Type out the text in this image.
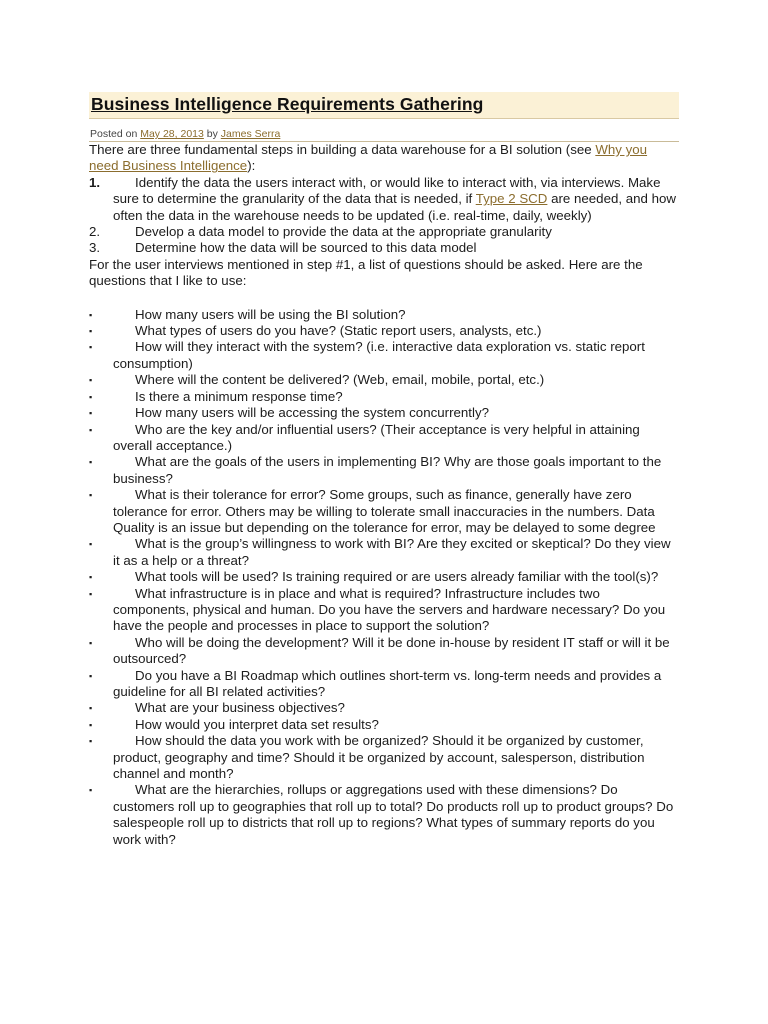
Business Intelligence Requirements Gathering
Posted on May 28, 2013 by James Serra

There are three fundamental steps in building a data warehouse for a BI solution (see Why you need Business Intelligence):

1.	Identify the data the users interact with, or would like to interact with, via interviews. Make sure to determine the granularity of the data that is needed, if Type 2 SCD are needed, and how often the data in the warehouse needs to be updated (i.e. real-time, daily, weekly)
2.	Develop a data model to provide the data at the appropriate granularity
3.	Determine how the data will be sourced to this data model

For the user interviews mentioned in step #1, a list of questions should be asked. Here are the questions that I like to use:

▪	How many users will be using the BI solution?
▪	What types of users do you have? (Static report users, analysts, etc.)
▪	How will they interact with the system? (i.e. interactive data exploration vs. static report consumption)
▪	Where will the content be delivered? (Web, email, mobile, portal, etc.)
▪	Is there a minimum response time?
▪	How many users will be accessing the system concurrently?
▪	Who are the key and/or influential users? (Their acceptance is very helpful in attaining overall acceptance.)
▪	What are the goals of the users in implementing BI? Why are those goals important to the business?
▪	What is their tolerance for error? Some groups, such as finance, generally have zero tolerance for error. Others may be willing to tolerate small inaccuracies in the numbers. Data Quality is an issue but depending on the tolerance for error, may be delayed to some degree
▪	What is the group’s willingness to work with BI? Are they excited or skeptical? Do they view it as a help or a threat?
▪	What tools will be used? Is training required or are users already familiar with the tool(s)?
▪	What infrastructure is in place and what is required? Infrastructure includes two components, physical and human. Do you have the servers and hardware necessary? Do you have the people and processes in place to support the solution?
▪	Who will be doing the development? Will it be done in-house by resident IT staff or will it be outsourced?
▪	Do you have a BI Roadmap which outlines short-term vs. long-term needs and provides a guideline for all BI related activities?
▪	What are your business objectives?
▪	How would you interpret data set results?
▪	How should the data you work with be organized? Should it be organized by customer, product, geography and time? Should it be organized by account, salesperson, distribution channel and month?
▪	What are the hierarchies, rollups or aggregations used with these dimensions? Do customers roll up to geographies that roll up to total? Do products roll up to product groups? Do salespeople roll up to districts that roll up to regions? What types of summary reports do you work with?
